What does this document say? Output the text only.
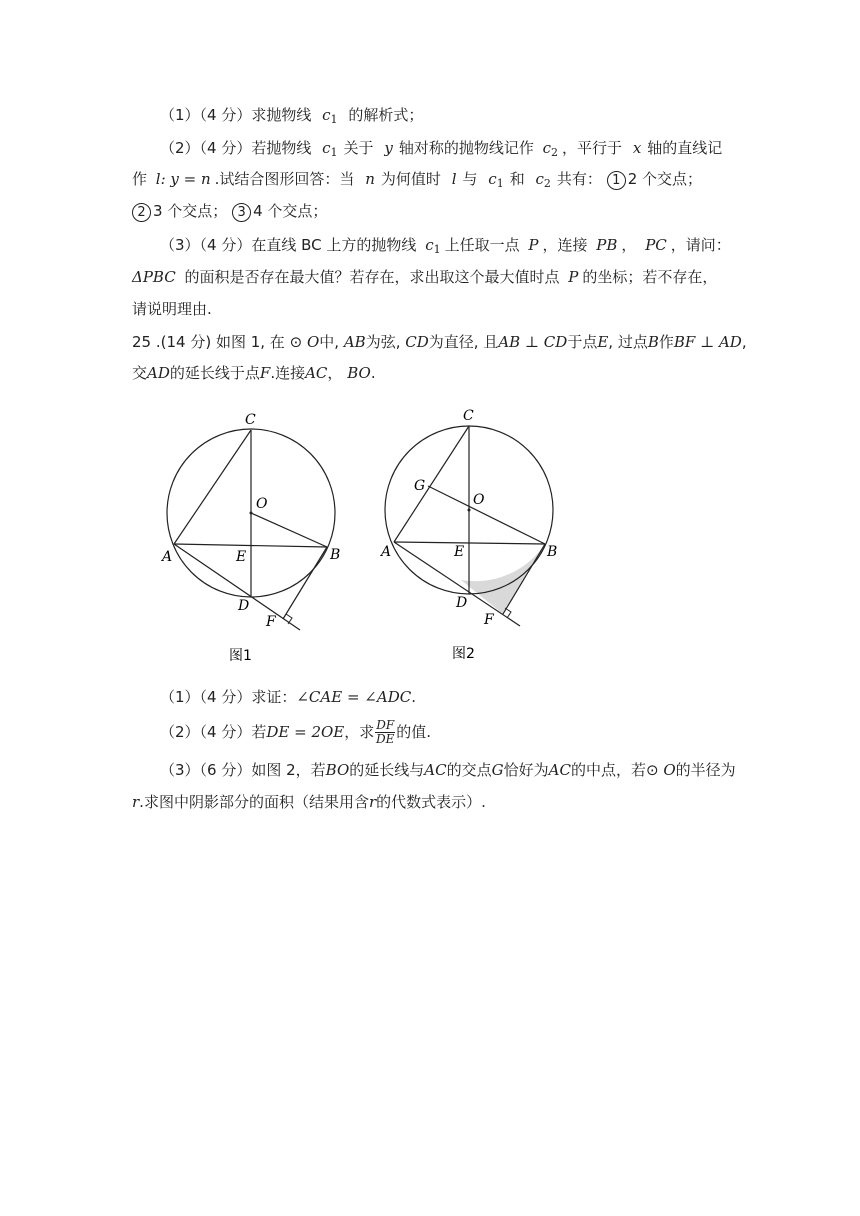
（1）（4 分）求抛物线 $c_1$ 的解析式；
（2）（4 分）若抛物线 $c_1$ 关于 y 轴对称的抛物线记作 $c_2$ ，平行于 x 轴的直线记
作 l: y = n .试结合图形回答：当 n 为何值时 l 与 $c_1$ 和 $c_2$ 共有： 1 2 个交点；
2 3 个交点； 3 4 个交点；
（3）（4 分）在直线 BC 上方的抛物线 $c_1$ 上任取一点 P ，连接 PB ， PC ，请问：
ΔPBC 的面积是否存在最大值？若存在，求出取这个最大值时点 P 的坐标；若不存在，
请说明理由.
25 .(14 分) 如图 1, 在 ⊙ O中, AB为弦, CD为直径, 且AB ⊥ CD于点E, 过点B作BF ⊥ AD,
交AD的延长线于点F.连接AC， BO.
C
O
A	E	B
D
F
图1
C
G
O
A	E	B
D
F
图2
（1）（4 分）求证：∠CAE = ∠ADC.
（2）（4 分）若DE = 2OE，求 $\frac{DF}{DE}$ 的值.
（3）（6 分）如图 2，若BO的延长线与AC的交点G恰好为AC的中点，若⊙ O的半径为
r.求图中阴影部分的面积（结果用含r的代数式表示）.
